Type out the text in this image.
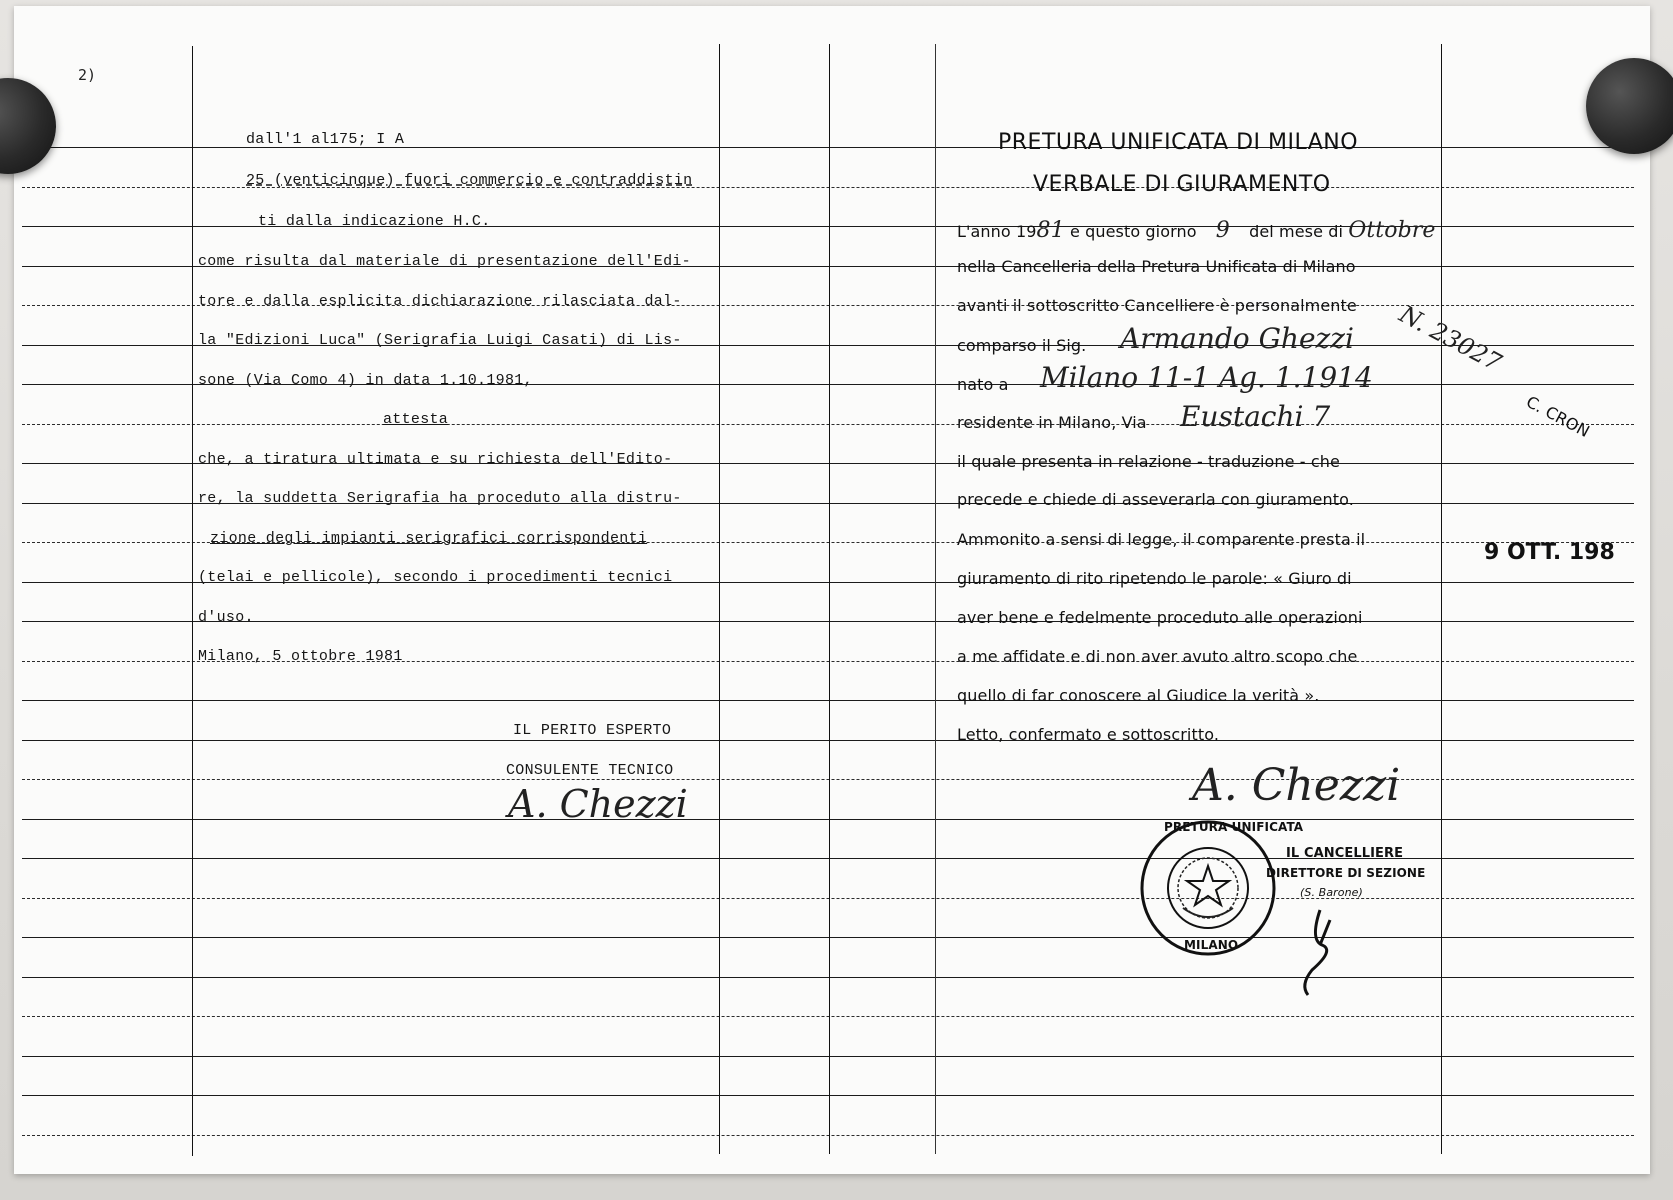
2)
dall'1 al175; I A
25 (venticinque) fuori commercio e contraddistin
ti dalla indicazione H.C.
come risulta dal materiale di presentazione dell'Edi-
tore e dalla esplicita dichiarazione rilasciata dal-
la "Edizioni Luca" (Serigrafia Luigi Casati) di Lis-
sone (Via Como 4) in data 1.10.1981,
attesta
che, a tiratura ultimata e su richiesta dell'Edito-
re, la suddetta Serigrafia ha proceduto alla distru-
zione degli impianti serigrafici corrispondenti
(telai e pellicole), secondo i procedimenti tecnici
d'uso.
Milano, 5 ottobre 1981
IL PERITO ESPERTO
CONSULENTE TECNICO
A. Chezzi
PRETURA UNIFICATA DI MILANO
VERBALE DI GIURAMENTO
L'anno 1981 e questo giorno 9 del mese di Ottobre
nella Cancelleria della Pretura Unificata di Milano
avanti il sottoscritto Cancelliere è personalmente
comparso il Sig. Armando Ghezzi
nato a Milano 11-1 Ag. 1.1914
residente in Milano, Via Eustachi 7
il quale presenta in relazione - traduzione - che
precede e chiede di asseverarla con giuramento.
Ammonito a sensi di legge, il comparente presta il
giuramento di rito ripetendo le parole: « Giuro di
aver bene e fedelmente proceduto alle operazioni
a me affidate e di non aver avuto altro scopo che
quello di far conoscere al Giudice la verità ».
Letto, confermato e sottoscritto.
N. 23027
C. CRON
9 OTT. 198
A. Chezzi
PRETURA UNIFICATA
MILANO
IL CANCELLIERE
DIRETTORE DI SEZIONE
(S. Barone)
